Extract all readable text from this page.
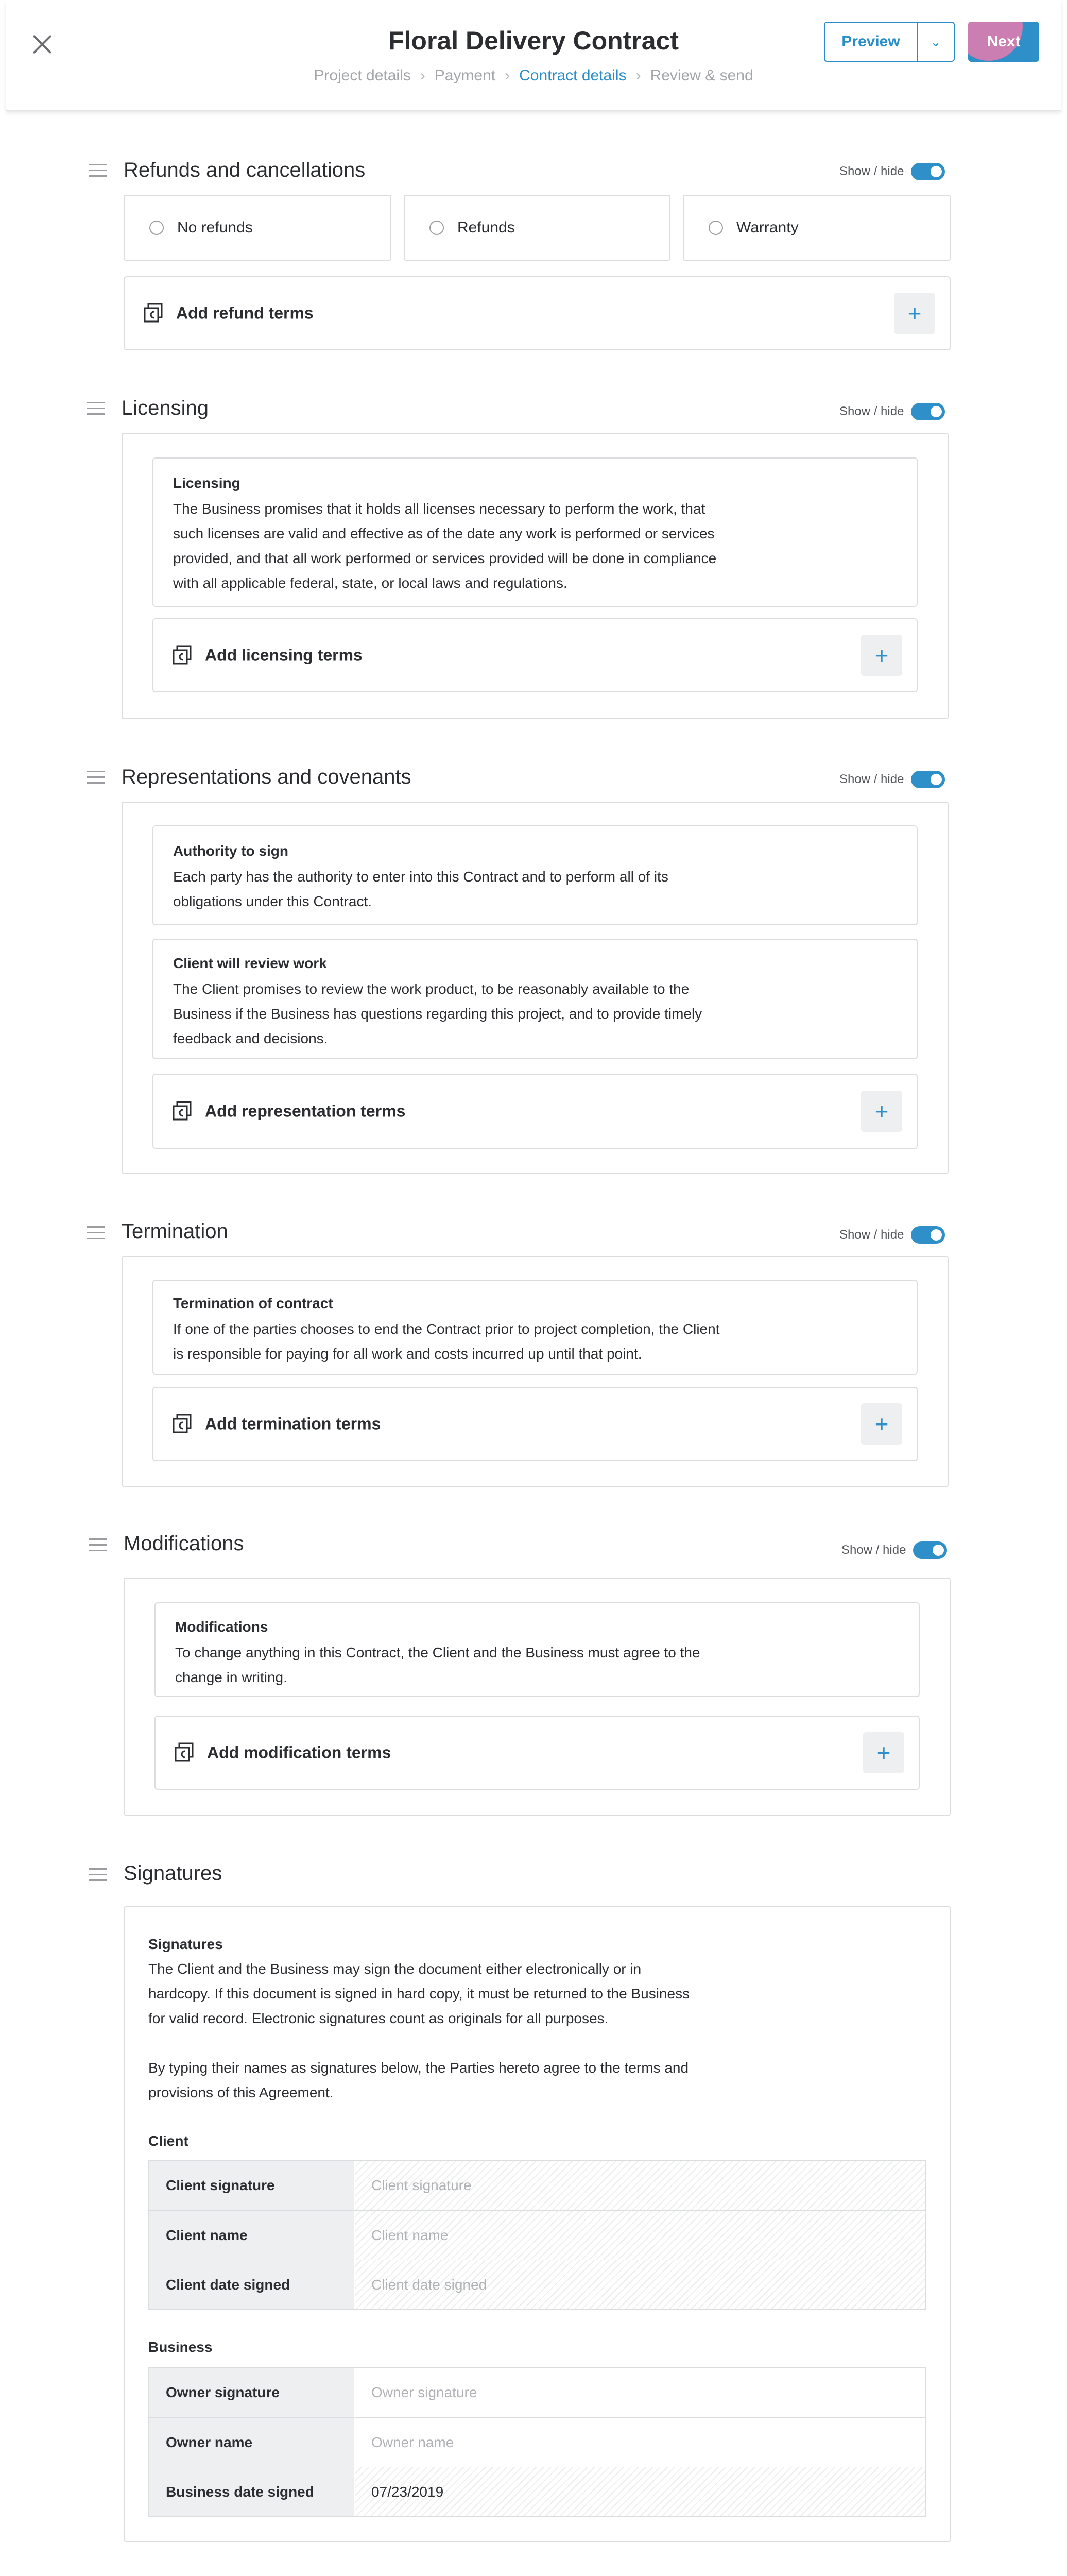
Floral Delivery Contract
Project details › Payment › Contract details › Review & send
Preview	⌄	Next
Refunds and cancellations	Show / hide
No refunds	Refunds	Warranty
Add refund terms	+
Licensing	Show / hide
Licensing
The Business promises that it holds all licenses necessary to perform the work, that
such licenses are valid and effective as of the date any work is performed or services
provided, and that all work performed or services provided will be done in compliance
with all applicable federal, state, or local laws and regulations.
Add licensing terms	+
Representations and covenants	Show / hide
Authority to sign
Each party has the authority to enter into this Contract and to perform all of its
obligations under this Contract.
Client will review work
The Client promises to review the work product, to be reasonably available to the
Business if the Business has questions regarding this project, and to provide timely
feedback and decisions.
Add representation terms	+
Termination	Show / hide
Termination of contract
If one of the parties chooses to end the Contract prior to project completion, the Client
is responsible for paying for all work and costs incurred up until that point.
Add termination terms	+
Modifications	Show / hide
Modifications
To change anything in this Contract, the Client and the Business must agree to the
change in writing.
Add modification terms	+
Signatures
Signatures
The Client and the Business may sign the document either electronically or in
hardcopy. If this document is signed in hard copy, it must be returned to the Business
for valid record. Electronic signatures count as originals for all purposes.
By typing their names as signatures below, the Parties hereto agree to the terms and
provisions of this Agreement.
Client
Client signature	Client signature
Client name	Client name
Client date signed	Client date signed
Business
Owner signature	Owner signature
Owner name	Owner name
Business date signed	07/23/2019
